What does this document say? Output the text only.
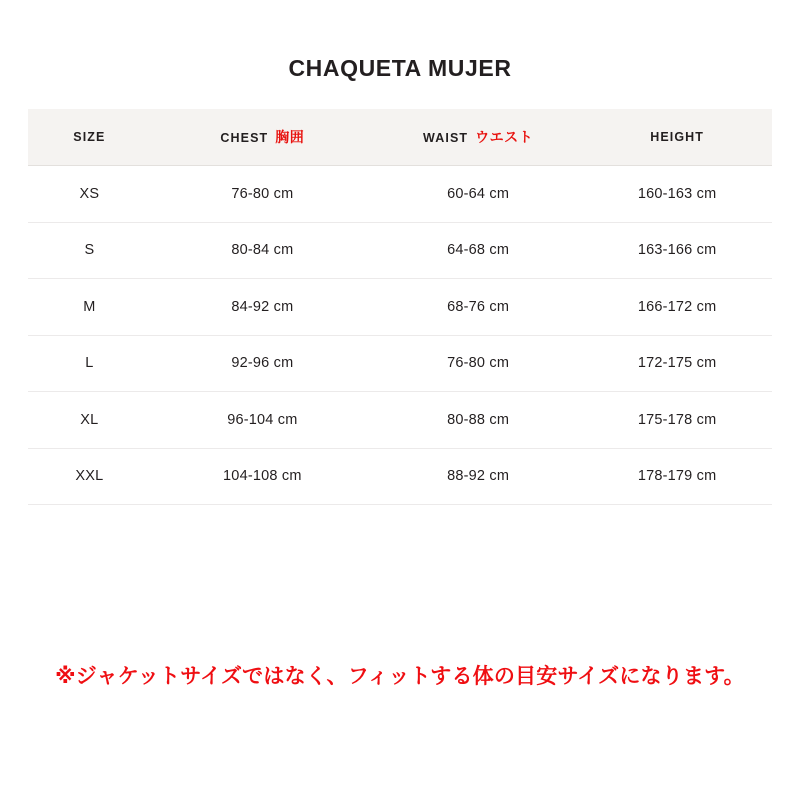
CHAQUETA MUJER
SIZE	CHEST 胸囲	WAIST ウエスト	HEIGHT
XS	76-80 cm	60-64 cm	160-163 cm
S	80-84 cm	64-68 cm	163-166 cm
M	84-92 cm	68-76 cm	166-172 cm
L	92-96 cm	76-80 cm	172-175 cm
XL	96-104 cm	80-88 cm	175-178 cm
XXL	104-108 cm	88-92 cm	178-179 cm
※ジャケットサイズではなく、フィットする体の目安サイズになります。
